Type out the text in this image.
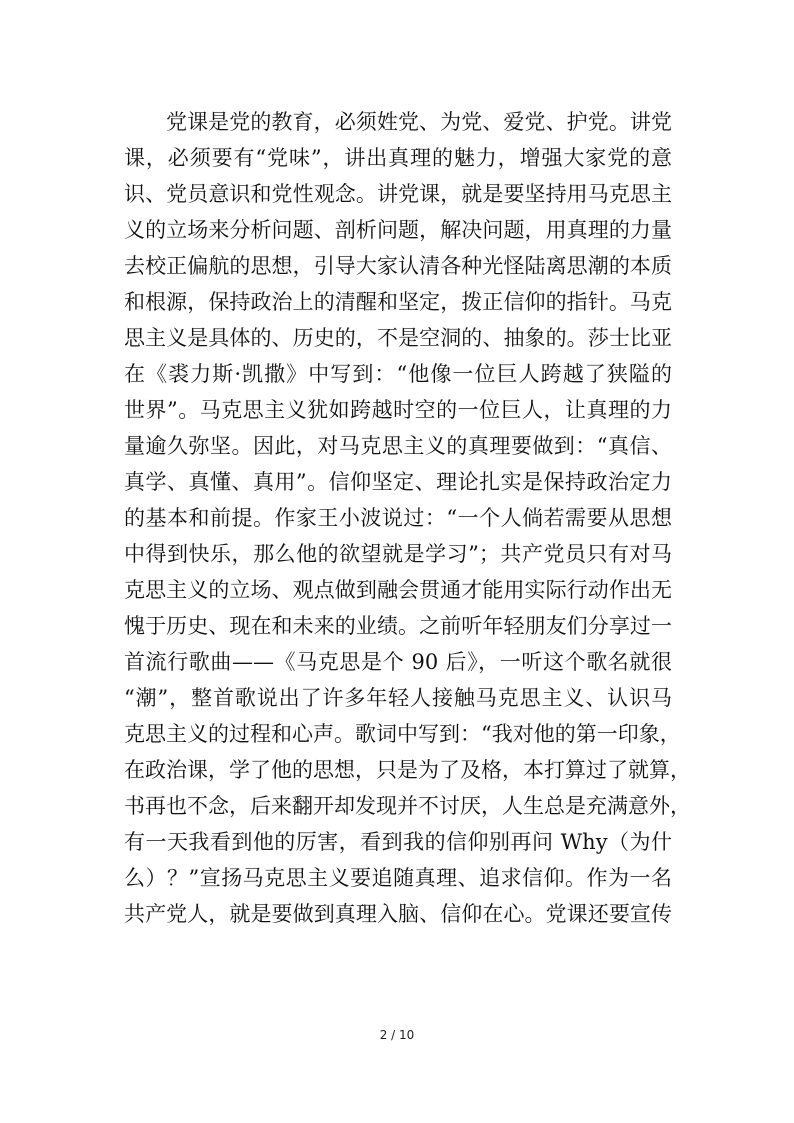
党课是党的教育，必须姓党、为党、爱党、护党。讲党
课，必须要有“党味”，讲出真理的魅力，增强大家党的意
识、党员意识和党性观念。讲党课，就是要坚持用马克思主
义的立场来分析问题、剖析问题，解决问题，用真理的力量
去校正偏航的思想，引导大家认清各种光怪陆离思潮的本质
和根源，保持政治上的清醒和坚定，拨正信仰的指针。马克
思主义是具体的、历史的，不是空洞的、抽象的。莎士比亚
在《裘力斯·凯撒》中写到：“他像一位巨人跨越了狭隘的
世界”。马克思主义犹如跨越时空的一位巨人，让真理的力
量逾久弥坚。因此，对马克思主义的真理要做到：“真信、
真学、真懂、真用”。信仰坚定、理论扎实是保持政治定力
的基本和前提。作家王小波说过：“一个人倘若需要从思想
中得到快乐，那么他的欲望就是学习”；共产党员只有对马
克思主义的立场、观点做到融会贯通才能用实际行动作出无
愧于历史、现在和未来的业绩。之前听年轻朋友们分享过一
首流行歌曲——《马克思是个 90 后》，一听这个歌名就很
“潮”，整首歌说出了许多年轻人接触马克思主义、认识马
克思主义的过程和心声。歌词中写到：“我对他的第一印象，
在政治课，学了他的思想，只是为了及格，本打算过了就算，
书再也不念，后来翻开却发现并不讨厌，人生总是充满意外，
有一天我看到他的厉害，看到我的信仰别再问 Why（为什
么）？”宣扬马克思主义要追随真理、追求信仰。作为一名
共产党人，就是要做到真理入脑、信仰在心。党课还要宣传
2 / 10
